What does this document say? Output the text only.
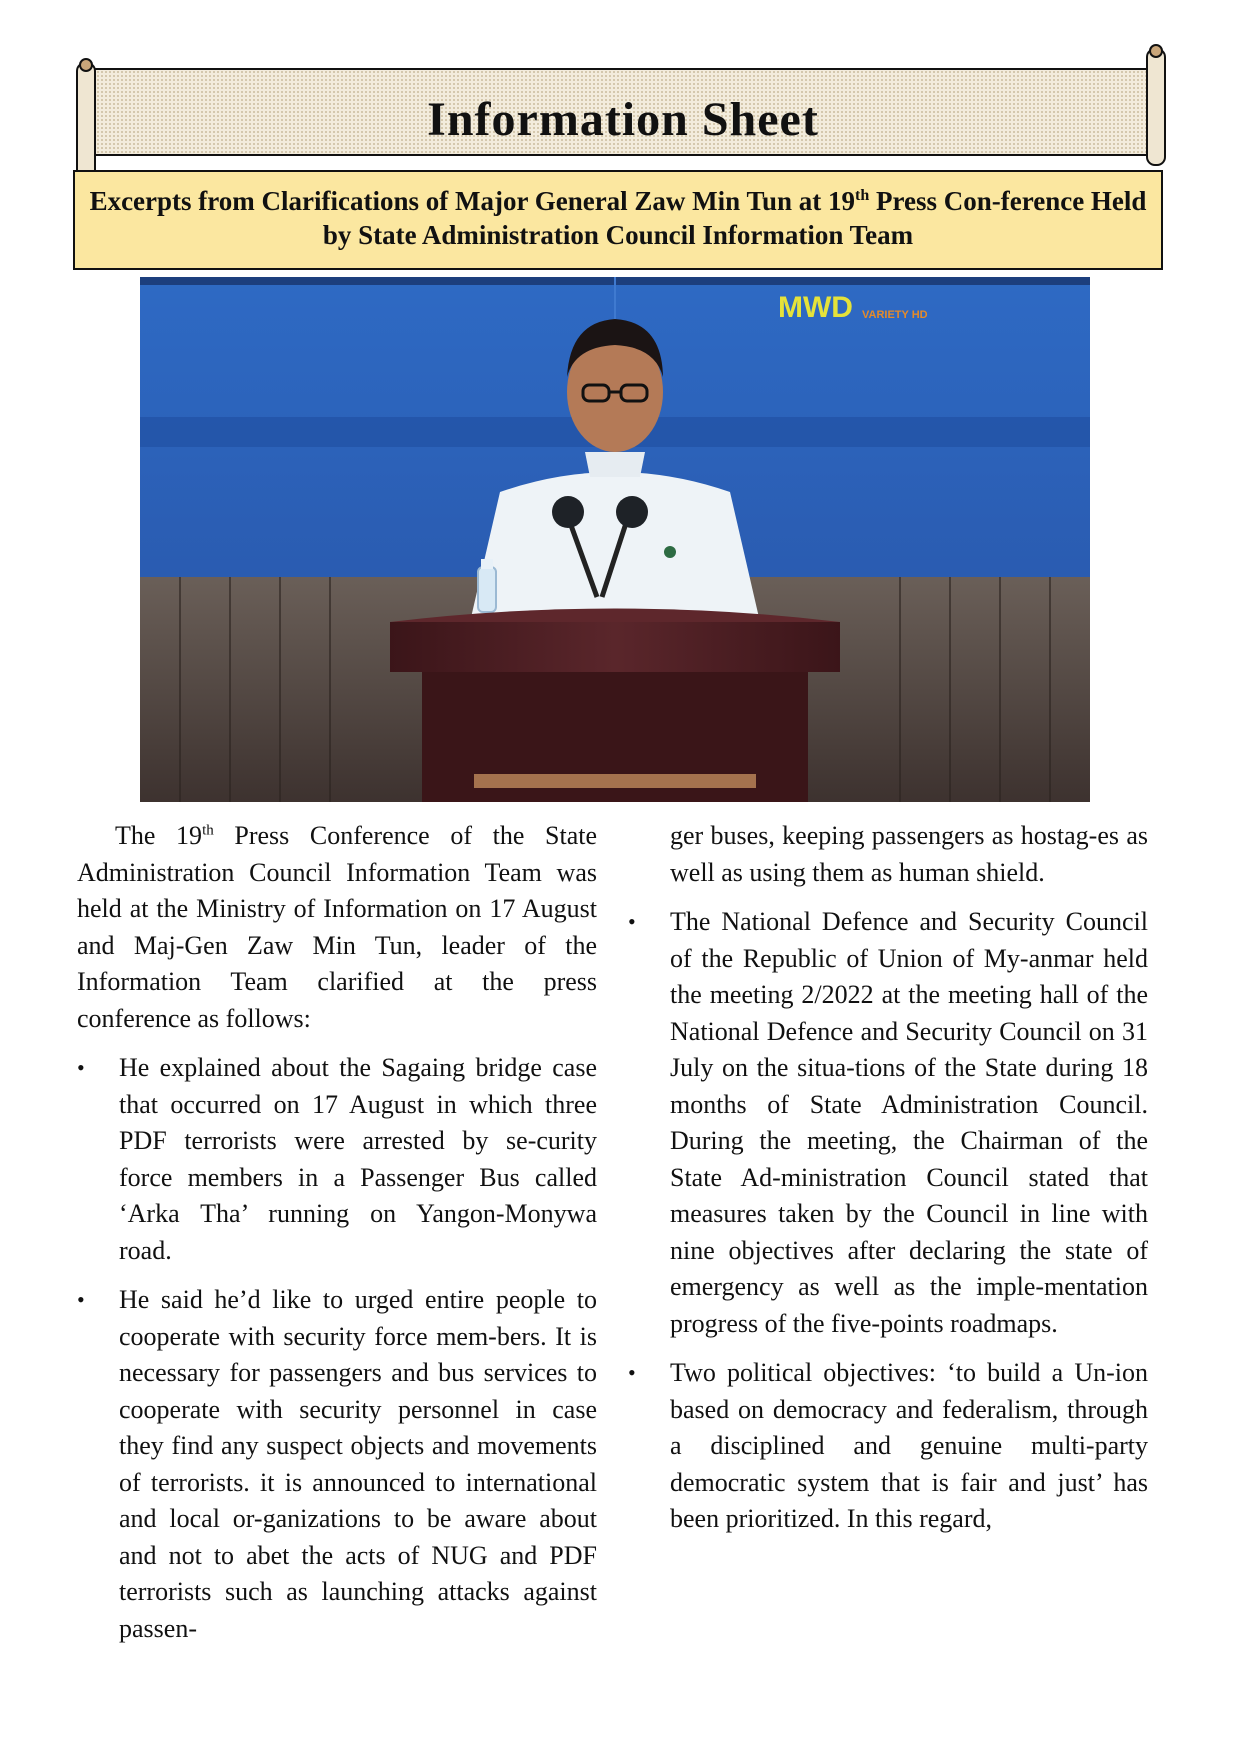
Information Sheet
Excerpts from Clarifications of Major General Zaw Min Tun at 19th Press Con-ference Held by State Administration Council Information Team
MWD VARIETY HD

The 19th Press Conference of the State Administration Council Information Team was held at the Ministry of Information on 17 August and Maj-Gen Zaw Min Tun, leader of the Information Team clarified at the press conference as follows:

• He explained about the Sagaing bridge case that occurred on 17 August in which three PDF terrorists were arrested by se-curity force members in a Passenger Bus called ‘Arka Tha’ running on Yangon-Monywa road.
• He said he’d like to urged entire people to cooperate with security force mem-bers. It is necessary for passengers and bus services to cooperate with security personnel in case they find any suspect objects and movements of terrorists. it is announced to international and local or-ganizations to be aware about and not to abet the acts of NUG and PDF terrorists such as launching attacks against passen-

ger buses, keeping passengers as hostag-es as well as using them as human shield.

• The National Defence and Security Council of the Republic of Union of My-anmar held the meeting 2/2022 at the meeting hall of the National Defence and Security Council on 31 July on the situa-tions of the State during 18 months of State Administration Council. During the meeting, the Chairman of the State Ad-ministration Council stated that measures taken by the Council in line with nine objectives after declaring the state of emergency as well as the imple-mentation progress of the five-points roadmaps.
• Two political objectives: ‘to build a Un-ion based on democracy and federalism, through a disciplined and genuine multi-party democratic system that is fair and just’ has been prioritized. In this regard,
